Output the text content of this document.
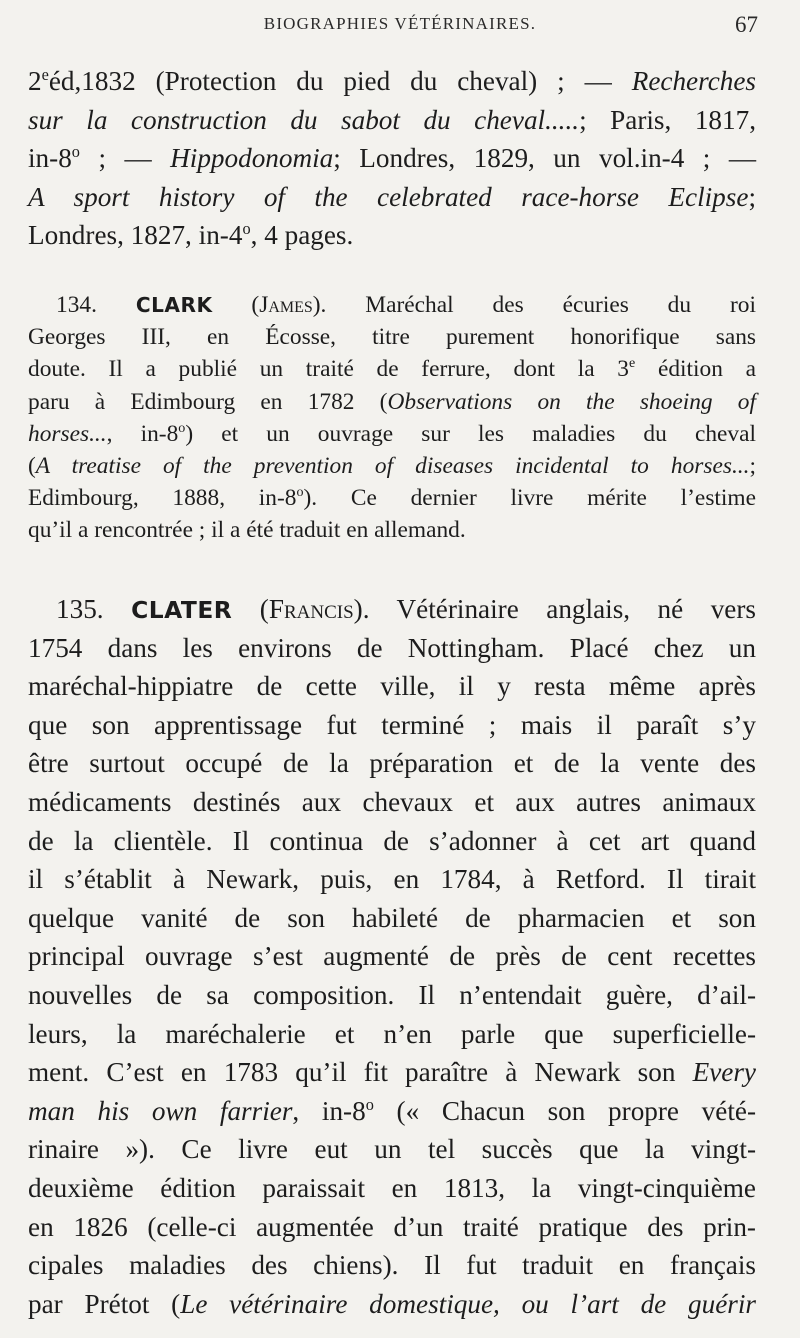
BIOGRAPHIES VÉTÉRINAIRES.	67
2eéd,1832 (Protection du pied du cheval) ; — Recherches
sur la construction du sabot du cheval.....; Paris, 1817,
in-8$^o$ ; — Hippodonomia; Londres, 1829, un vol.in-4 ; —
A sport history of the celebrated race-horse Eclipse;
Londres, 1827, in-4$^o$, 4 pages.
134. CLARK (James). Maréchal des écuries du roi
Georges III, en Écosse, titre purement honorifique sans
doute. Il a publié un traité de ferrure, dont la 3e édition a
paru à Edimbourg en 1782 (Observations on the shoeing of
horses..., in-8$^o$) et un ouvrage sur les maladies du cheval
(A treatise of the prevention of diseases incidental to horses...;
Edimbourg, 1888, in-8$^o$). Ce dernier livre mérite l’estime
qu’il a rencontrée ; il a été traduit en allemand.
135. CLATER (Francis). Vétérinaire anglais, né vers
1754 dans les environs de Nottingham. Placé chez un
maréchal-hippiatre de cette ville, il y resta même après
que son apprentissage fut terminé ; mais il paraît s’y
être surtout occupé de la préparation et de la vente des
médicaments destinés aux chevaux et aux autres animaux
de la clientèle. Il continua de s’adonner à cet art quand
il s’établit à Newark, puis, en 1784, à Retford. Il tirait
quelque vanité de son habileté de pharmacien et son
principal ouvrage s’est augmenté de près de cent recettes
nouvelles de sa composition. Il n’entendait guère, d’ail-
leurs, la maréchalerie et n’en parle que superficielle-
ment. C’est en 1783 qu’il fit paraître à Newark son Every
man his own farrier, in-8$^o$ (« Chacun son propre vété-
rinaire »). Ce livre eut un tel succès que la vingt-
deuxième édition paraissait en 1813, la vingt-cinquième
en 1826 (celle-ci augmentée d’un traité pratique des prin-
cipales maladies des chiens). Il fut traduit en français
par Prétot (Le vétérinaire domestique, ou l’art de guérir
